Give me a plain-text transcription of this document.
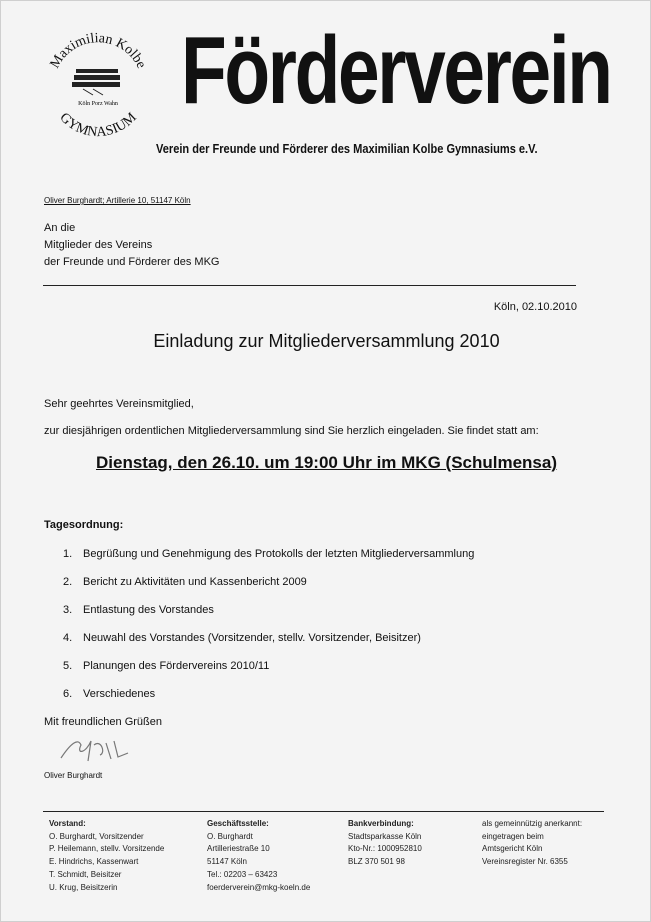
Maximilian Kolbe
GYMNASIUM
Köln Porz Wahn Förderverein
Verein der Freunde und Förderer des Maximilian Kolbe Gymnasiums e.V.
Oliver Burghardt; Artillerie 10, 51147 Köln
An die
Mitglieder des Vereins
der Freunde und Förderer des MKG
Köln, 02.10.2010
Einladung zur Mitgliederversammlung 2010
Sehr geehrtes Vereinsmitglied,
zur diesjährigen ordentlichen Mitgliederversammlung sind Sie herzlich eingeladen. Sie findet statt am:
Dienstag, den 26.10. um 19:00 Uhr im MKG (Schulmensa)
Tagesordnung:
1. Begrüßung und Genehmigung des Protokolls der letzten Mitgliederversammlung
2. Bericht zu Aktivitäten und Kassenbericht 2009
3. Entlastung des Vorstandes
4. Neuwahl des Vorstandes (Vorsitzender, stellv. Vorsitzender, Beisitzer)
5. Planungen des Fördervereins 2010/11
6. Verschiedenes
Mit freundlichen Grüßen
Oliver Burghardt
Vorstand:
O. Burghardt, Vorsitzender
P. Heilemann, stellv. Vorsitzende
E. Hindrichs, Kassenwart
T. Schmidt, Beisitzer
U. Krug, Beisitzerin
Geschäftsstelle:
O. Burghardt
Artilleriestraße 10
51147 Köln
Tel.: 02203 – 63423
foerderverein@mkg-koeln.de
Bankverbindung:
Stadtsparkasse Köln
Kto-Nr.: 1000952810
BLZ 370 501 98
als gemeinnützig anerkannt:
eingetragen beim
Amtsgericht Köln
Vereinsregister Nr. 6355
